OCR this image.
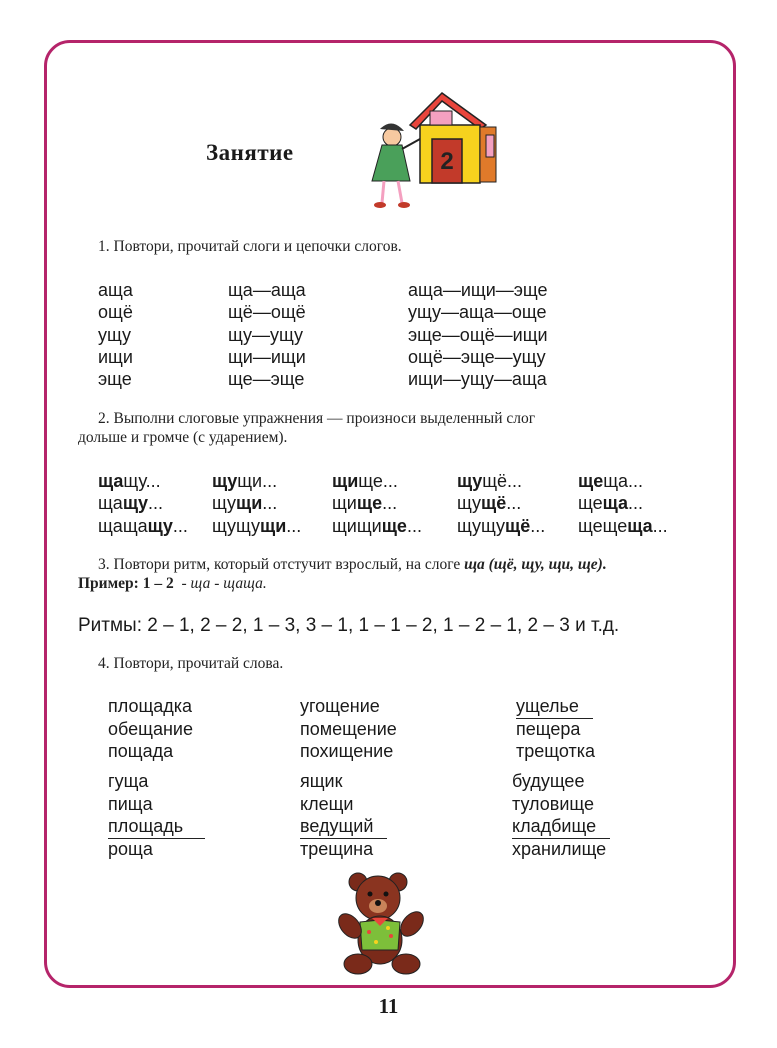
Занятие	2
1. Повтори, прочитай слоги и цепочки слогов.
аща
ощё
ущу
ищи
эще
ща—аща
щё—ощё
щу—ущу
щи—ищи
ще—эще
аща—ищи—эще
ущу—аща—още
эще—ощё—ищи
ощё—эще—ущу
ищи—ущу—аща
2. Выполни слоговые упражнения — произноси выделенный слог
дольше и громче (с ударением).
щащу...
щащу...
щащащу...
щущи...
щущи...
щущущи...
щище...
щище...
щищище...
щущё...
щущё...
щущущё...
щеща...
щеща...
щещеща...
3. Повтори ритм, который отстучит взрослый, на слоге ща (щё, щу, щи, ще).
Пример: 1 – 2 - ща - щаща.
Ритмы: 2 – 1, 2 – 2, 1 – 3, 3 – 1, 1 – 1 – 2, 1 – 2 – 1, 2 – 3 и т.д.
4. Повтори, прочитай слова.
площадка
обещание
пощада
угощение
помещение
похищение
ущелье
пещера
трещотка
гуща
пища
площадь
роща
ящик
клещи
ведущий
трещина
будущее
туловище
кладбище
хранилище
11
